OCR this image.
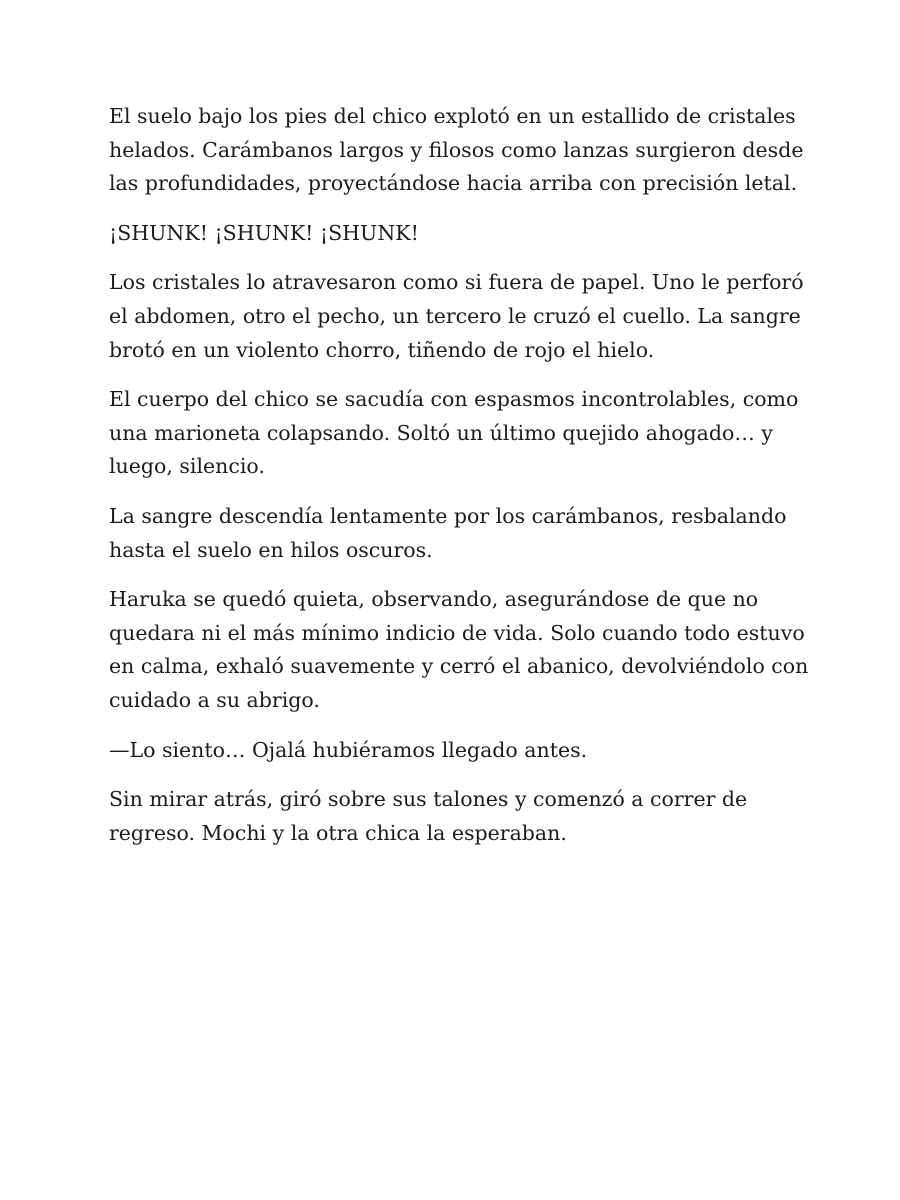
El suelo bajo los pies del chico explotó en un estallido de cristales helados. Carámbanos largos y filosos como lanzas surgieron desde las profundidades, proyectándose hacia arriba con precisión letal.

¡SHUNK! ¡SHUNK! ¡SHUNK!

Los cristales lo atravesaron como si fuera de papel. Uno le perforó el abdomen, otro el pecho, un tercero le cruzó el cuello. La sangre brotó en un violento chorro, tiñendo de rojo el hielo.

El cuerpo del chico se sacudía con espasmos incontrolables, como una marioneta colapsando. Soltó un último quejido ahogado… y luego, silencio.

La sangre descendía lentamente por los carámbanos, resbalando hasta el suelo en hilos oscuros.

Haruka se quedó quieta, observando, asegurándose de que no quedara ni el más mínimo indicio de vida. Solo cuando todo estuvo en calma, exhaló suavemente y cerró el abanico, devolviéndolo con cuidado a su abrigo.

—Lo siento… Ojalá hubiéramos llegado antes.

Sin mirar atrás, giró sobre sus talones y comenzó a correr de regreso. Mochi y la otra chica la esperaban.
